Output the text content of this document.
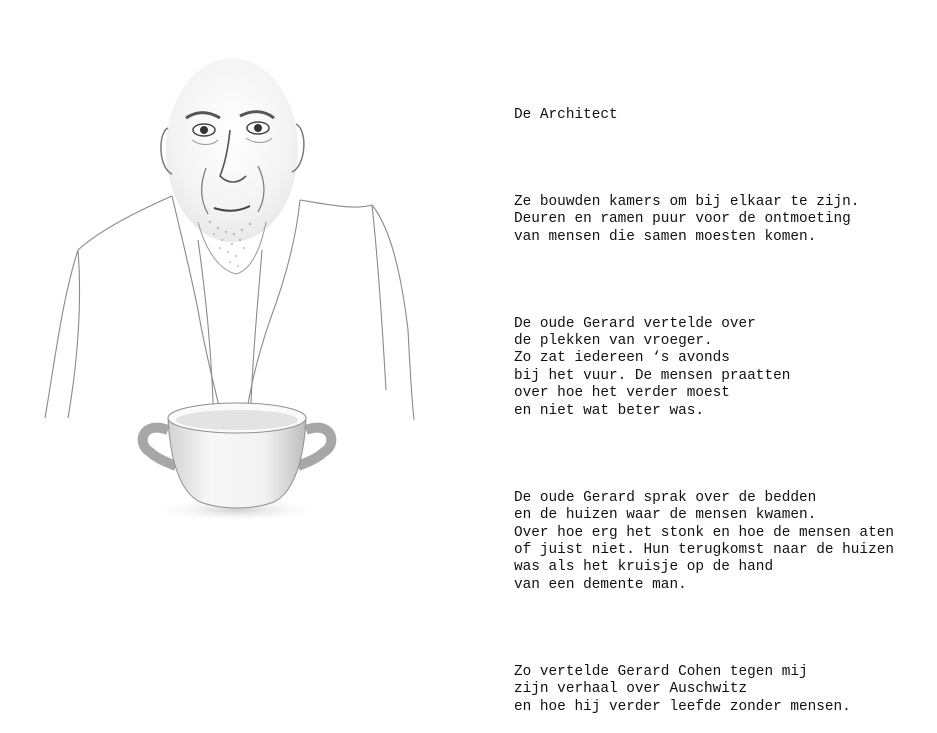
De Architect

Ze bouwden kamers om bij elkaar te zijn.
Deuren en ramen puur voor de ontmoeting
van mensen die samen moesten komen.

De oude Gerard vertelde over
de plekken van vroeger.
Zo zat iedereen ‘s avonds
bij het vuur. De mensen praatten
over hoe het verder moest
en niet wat beter was.

De oude Gerard sprak over de bedden
en de huizen waar de mensen kwamen.
Over hoe erg het stonk en hoe de mensen aten
of juist niet. Hun terugkomst naar de huizen
was als het kruisje op de hand
van een demente man.

Zo vertelde Gerard Cohen tegen mij
zijn verhaal over Auschwitz
en hoe hij verder leefde zonder mensen.
